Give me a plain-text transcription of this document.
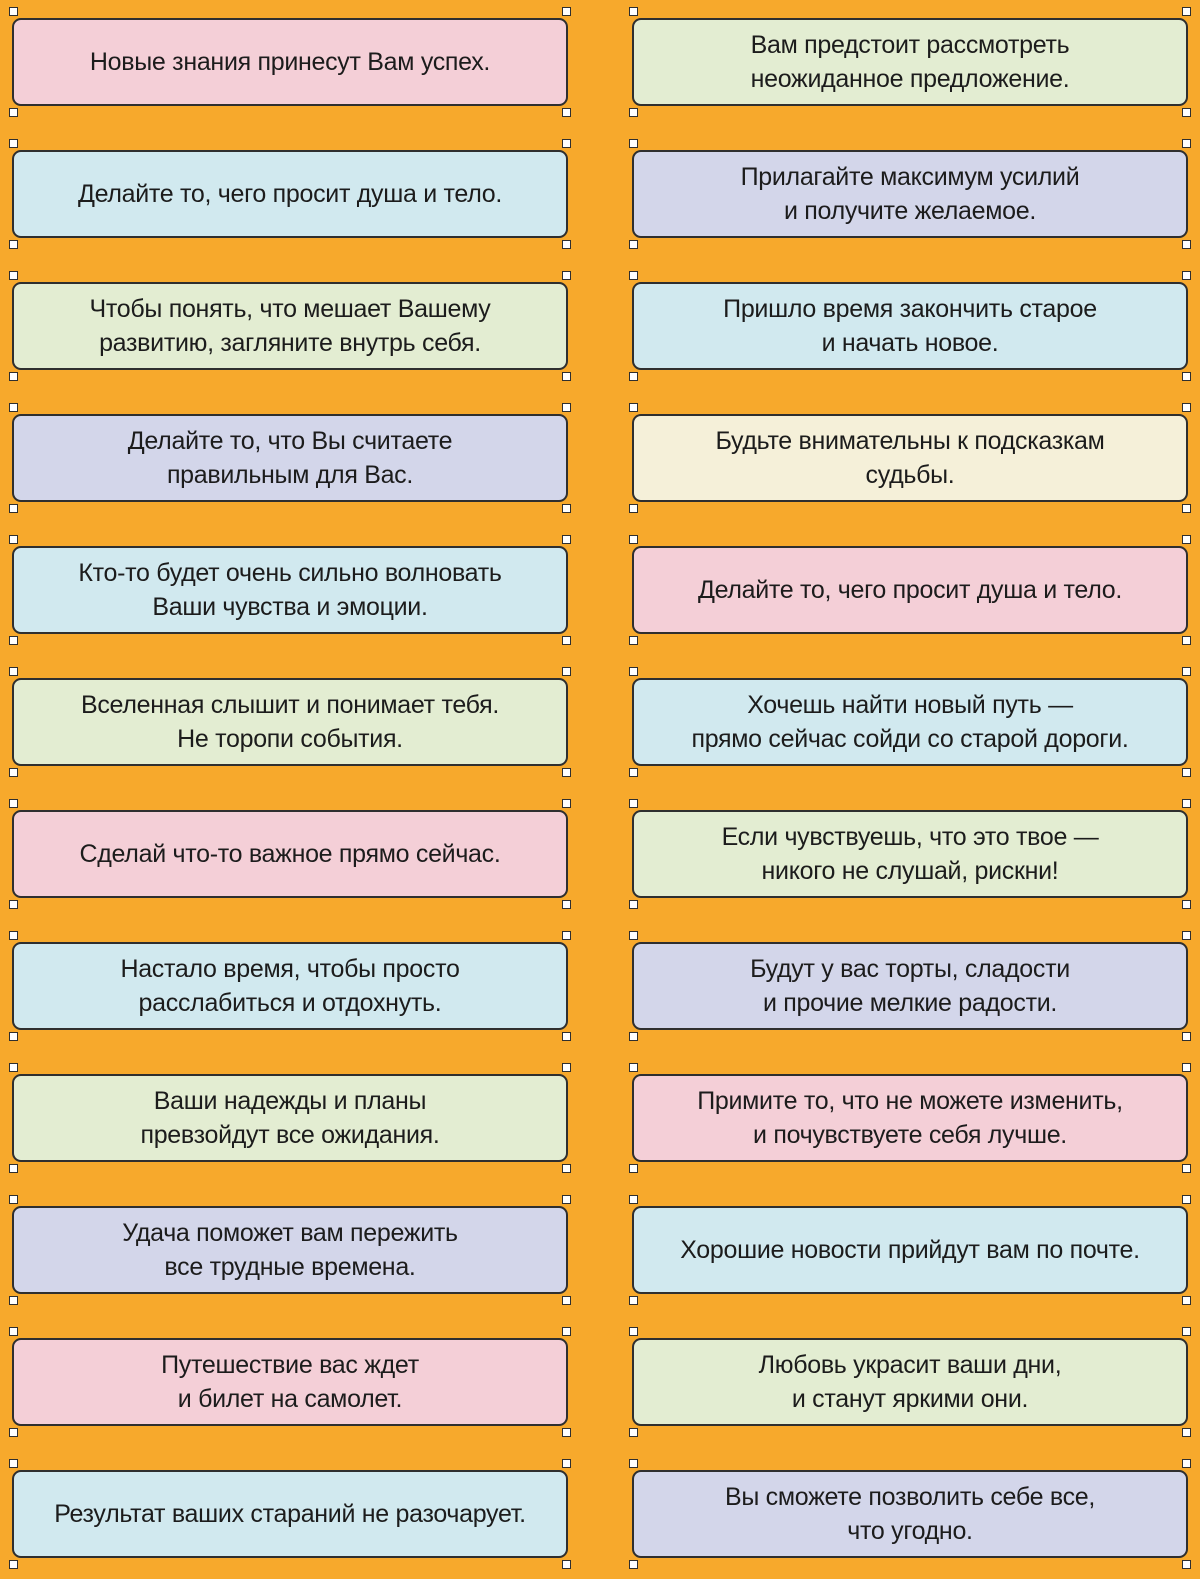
Новые знания принесут Вам успех.
Делайте то, чего просит душа и тело.
Чтобы понять, что мешает Вашему
развитию, загляните внутрь себя.
Делайте то, что Вы считаете
правильным для Вас.
Кто-то будет очень сильно волновать
Ваши чувства и эмоции.
Вселенная слышит и понимает тебя.
Не торопи события.
Сделай что-то важное прямо сейчас.
Настало время, чтобы просто
расслабиться и отдохнуть.
Ваши надежды и планы
превзойдут все ожидания.
Удача поможет вам пережить
все трудные времена.
Путешествие вас ждет
и билет на самолет.
Результат ваших стараний не разочарует.
Вам предстоит рассмотреть
неожиданное предложение.
Прилагайте максимум усилий
и получите желаемое.
Пришло время закончить старое
и начать новое.
Будьте внимательны к подсказкам
судьбы.
Делайте то, чего просит душа и тело.
Хочешь найти новый путь —
прямо сейчас сойди со старой дороги.
Если чувствуешь, что это твое —
никого не слушай, рискни!
Будут у вас торты, сладости
и прочие мелкие радости.
Примите то, что не можете изменить,
и почувствуете себя лучше.
Хорошие новости прийдут вам по почте.
Любовь украсит ваши дни,
и станут яркими они.
Вы сможете позволить себе все,
что угодно.
